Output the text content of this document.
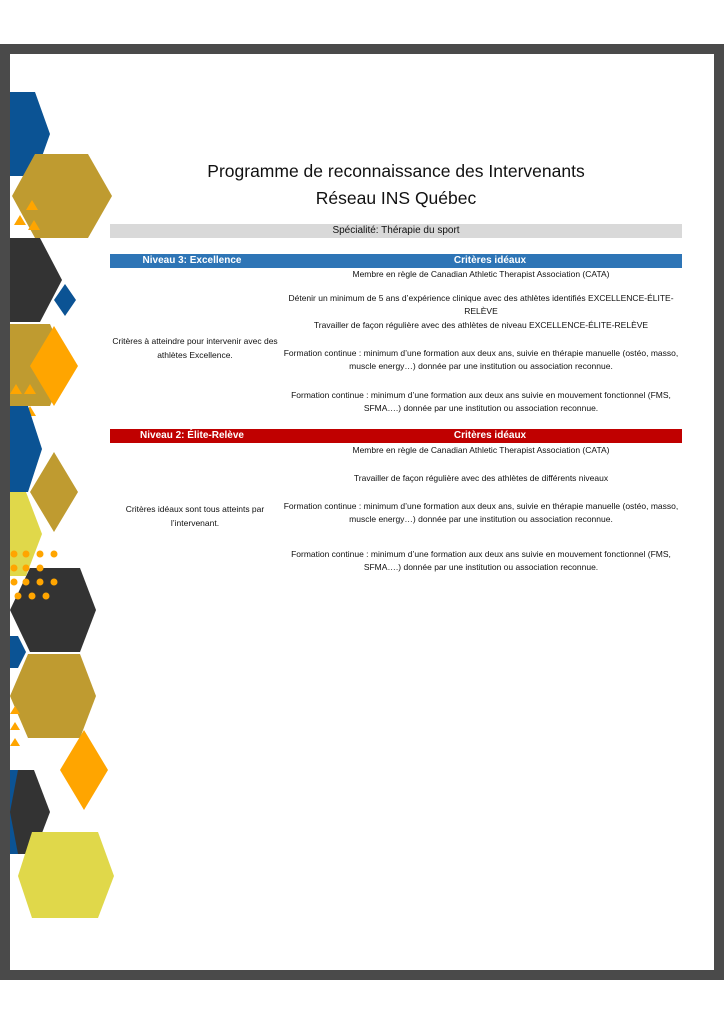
Programme de reconnaissance des Intervenants
Réseau INS Québec
Spécialité: Thérapie du sport
Niveau 3: Excellence	Critères idéaux
Critères à atteindre pour intervenir avec des athlètes Excellence.
Membre en règle de Canadian Athletic Therapist Association (CATA)
Détenir un minimum de 5 ans d’expérience clinique avec des athlètes identifiés EXCELLENCE-ÉLITE-RELÈVE
Travailler de façon régulière avec des athlètes de niveau EXCELLENCE-ÉLITE-RELÈVE
Formation continue : minimum d’une formation aux deux ans, suivie en thérapie manuelle (ostéo, masso, muscle energy…) donnée par une institution ou association reconnue.
Formation continue : minimum d’une formation aux deux ans suivie en mouvement fonctionnel (FMS, SFMA….) donnée par une institution ou association reconnue.
Niveau 2: Élite-Relève	Critères idéaux
Critères idéaux sont tous atteints par l’intervenant.
Membre en règle de Canadian Athletic Therapist Association (CATA)
Travailler de façon régulière avec des athlètes de différents niveaux
Formation continue : minimum d’une formation aux deux ans, suivie en thérapie manuelle (ostéo, masso, muscle energy…) donnée par une institution ou association reconnue.
Formation continue : minimum d’une formation aux deux ans suivie en mouvement fonctionnel (FMS, SFMA….) donnée par une institution ou association reconnue.
